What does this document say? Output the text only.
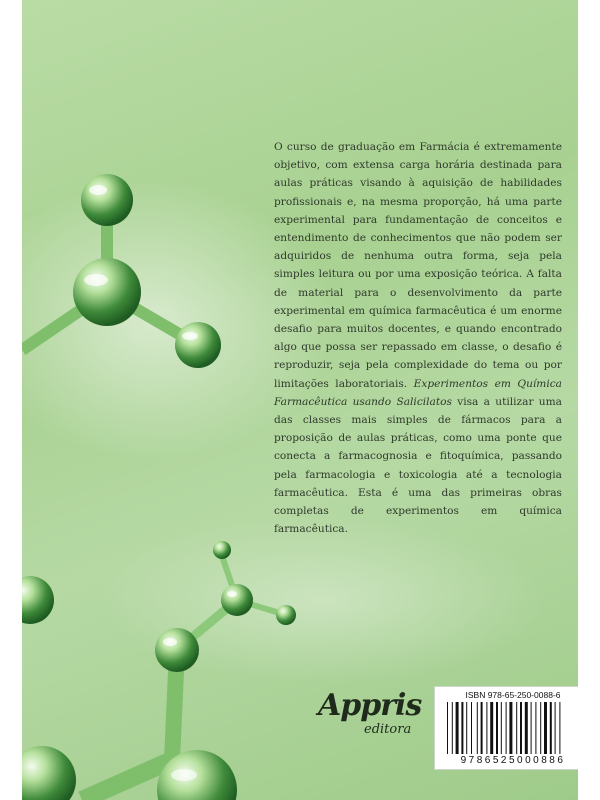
O curso de graduação em Farmácia é extremamente objetivo, com extensa carga horária destinada para aulas práticas visando à aquisição de habilidades profissionais e, na mesma proporção, há uma parte experimental para fundamentação de conceitos e entendimento de conhecimentos que não podem ser adquiridos de nenhuma outra forma, seja pela simples leitura ou por uma exposição teórica. A falta de material para o desenvolvimento da parte experimental em química farmacêutica é um enorme desafio para muitos docentes, e quando encontrado algo que possa ser repassado em classe, o desafio é reproduzir, seja pela complexidade do tema ou por limitações laboratoriais. Experimentos em Química Farmacêutica usando Salicilatos visa a utilizar uma das classes mais simples de fármacos para a proposição de aulas práticas, como uma ponte que conecta a farmacognosia e fitoquímica, passando pela farmacologia e toxicologia até a tecnologia farmacêutica. Esta é uma das primeiras obras completas de experimentos em química farmacêutica.

Appris
editora
ISBN 978-65-250-0088-6
9786525000886
